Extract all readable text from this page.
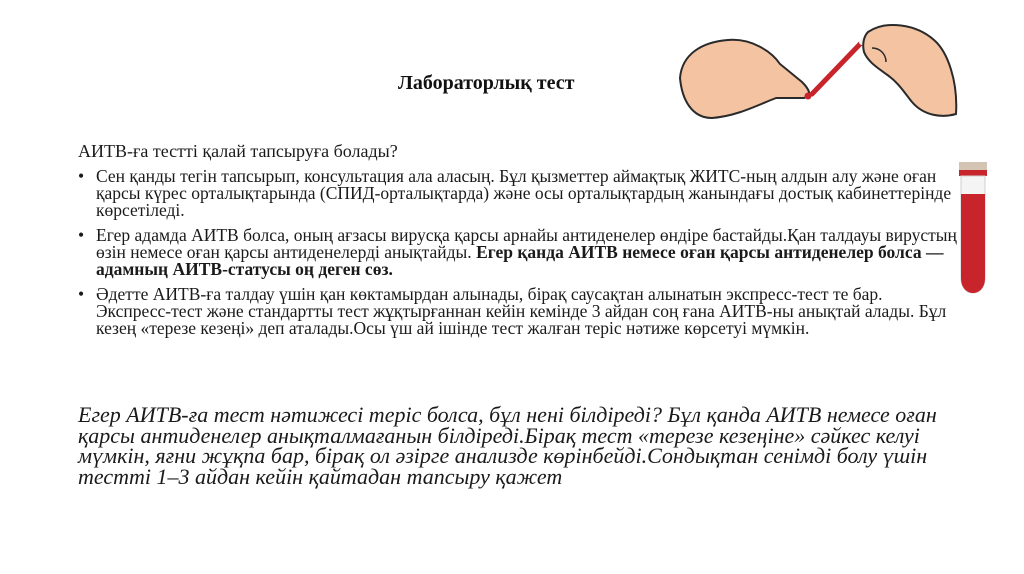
Лабораторлық тест
АИТВ-ға тестті қалай тапсыруға болады?
• Сен қанды тегін тапсырып, консультация ала аласың. Бұл қызметтер аймақтық ЖИТС-ның алдын алу және оған қарсы күрес орталықтарында (СПИД-орталықтарда) және осы орталықтардың жанындағы достық кабинеттерінде көрсетіледі.
• Егер адамда АИТВ болса, оның ағзасы вирусқа қарсы арнайы антиденелер өндіре бастайды.Қан талдауы вирустың өзін немесе оған қарсы антиденелерді анықтайды. Егер қанда АИТВ немесе оған қарсы антиденелер болса — адамның АИТВ-статусы оң деген сөз.
• Әдетте АИТВ-ға талдау үшін қан көктамырдан алынады, бірақ саусақтан алынатын экспресс-тест те бар. Экспресс-тест және стандартты тест жұқтырғаннан кейін кемінде 3 айдан соң ғана АИТВ-ны анықтай алады. Бұл кезең «терезе кезеңі» деп аталады.Осы үш ай ішінде тест жалған теріс нәтиже көрсетуі мүмкін.
Егер АИТВ-ға тест нәтижесі теріс болса, бұл нені білдіреді? Бұл қанда АИТВ немесе оған қарсы антиденелер анықталмағанын білдіреді.Бірақ тест «терезе кезеңіне» сәйкес келуі мүмкін, яғни жұқпа бар, бірақ ол әзірге анализде көрінбейді.Сондықтан сенімді болу үшін тестті 1–3 айдан кейін қайтадан тапсыру қажет
